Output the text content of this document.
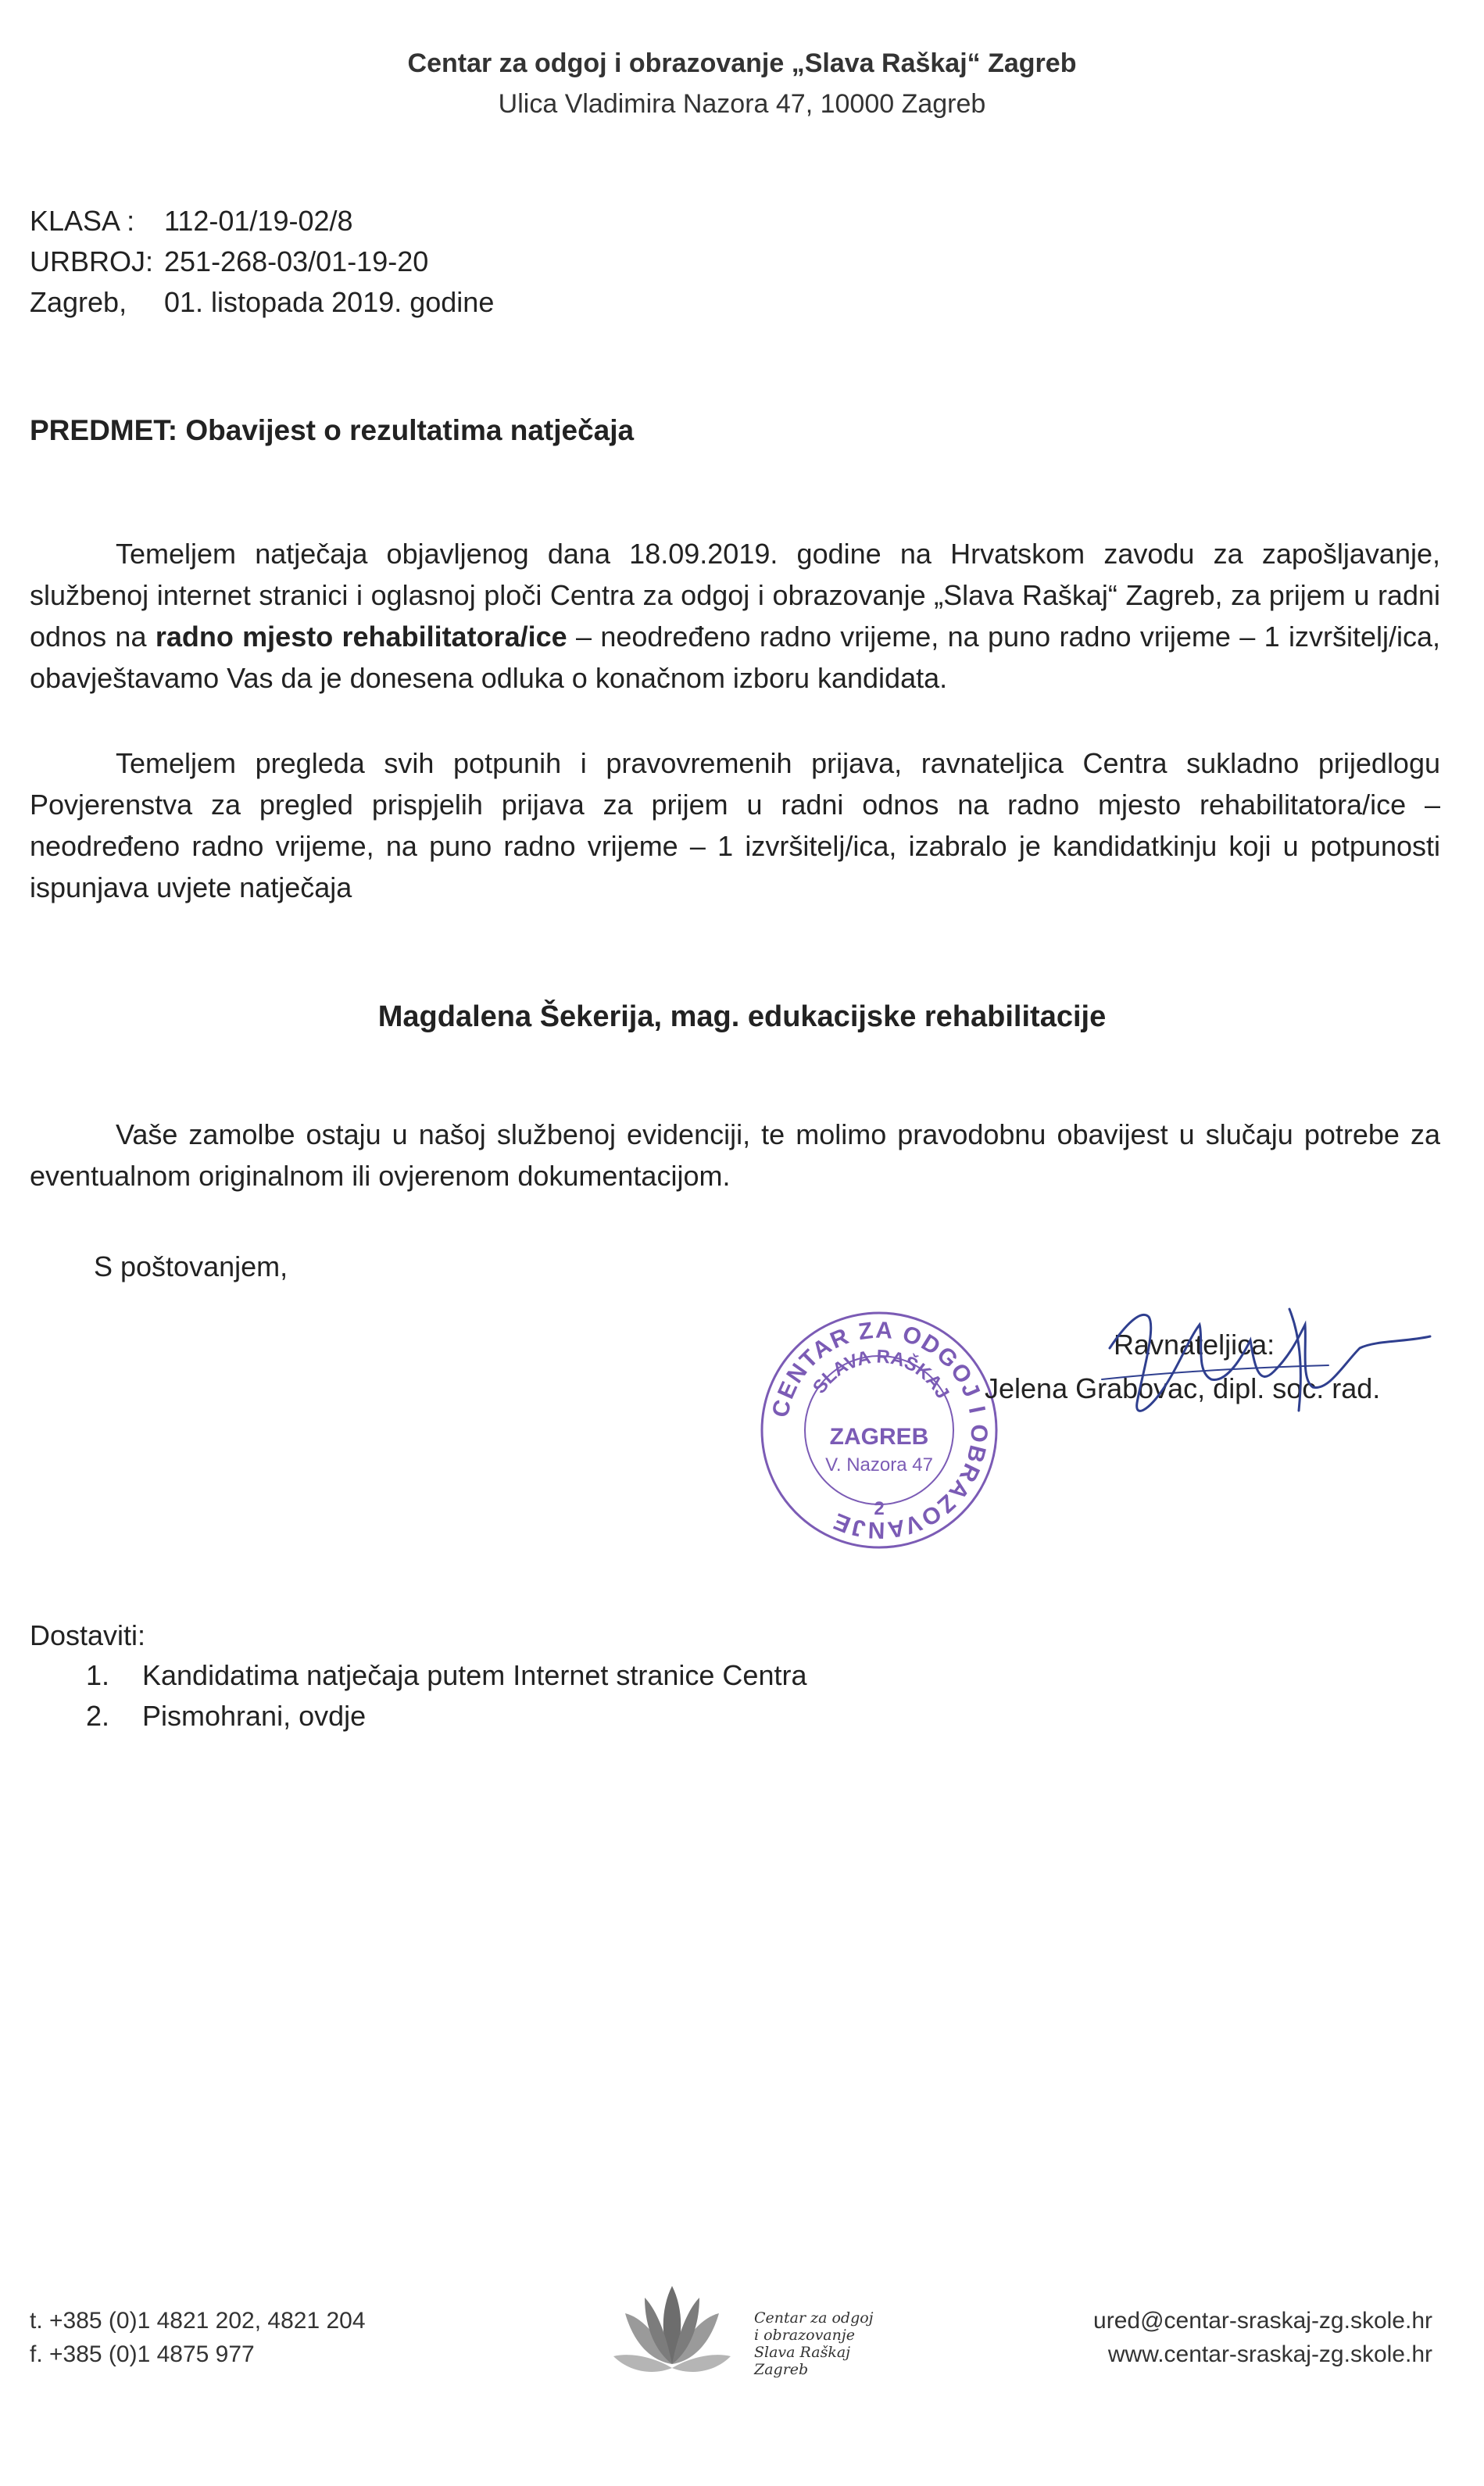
Centar za odgoj i obrazovanje „Slava Raškaj“ Zagreb
Ulica Vladimira Nazora 47, 10000 Zagreb
KLASA : 112-01/19-02/8
URBROJ: 251-268-03/01-19-20
Zagreb, 01. listopada 2019. godine
PREDMET: Obavijest o rezultatima natječaja
Temeljem natječaja objavljenog dana 18.09.2019. godine na Hrvatskom zavodu za zapošljavanje, službenoj internet stranici i oglasnoj ploči Centra za odgoj i obrazovanje „Slava Raškaj“ Zagreb, za prijem u radni odnos na radno mjesto rehabilitatora/ice – neodređeno radno vrijeme, na puno radno vrijeme – 1 izvršitelj/ica, obavještavamo Vas da je donesena odluka o konačnom izboru kandidata.
Temeljem pregleda svih potpunih i pravovremenih prijava, ravnateljica Centra sukladno prijedlogu Povjerenstva za pregled prispjelih prijava za prijem u radni odnos na radno mjesto rehabilitatora/ice – neodređeno radno vrijeme, na puno radno vrijeme – 1 izvršitelj/ica, izabralo je kandidatkinju koji u potpunosti ispunjava uvjete natječaja
Magdalena Šekerija, mag. edukacijske rehabilitacije
Vaše zamolbe ostaju u našoj službenoj evidenciji, te molimo pravodobnu obavijest u slučaju potrebe za eventualnom originalnom ili ovjerenom dokumentacijom.
S poštovanjem,
CENTAR ZA ODGOJ I OBRAZOVANJE
SLAVA RAŠKAJ
ZAGREB
V. Nazora 47
2
Ravnateljica:
Jelena Grabovac, dipl. soc. rad.
Dostaviti:
1. Kandidatima natječaja putem Internet stranice Centra
2. Pismohrani, ovdje
t. +385 (0)1 4821 202, 4821 204
f. +385 (0)1 4875 977
Centar za odgoj
i obrazovanje
Slava Raškaj
Zagreb
ured@centar-sraskaj-zg.skole.hr
www.centar-sraskaj-zg.skole.hr
